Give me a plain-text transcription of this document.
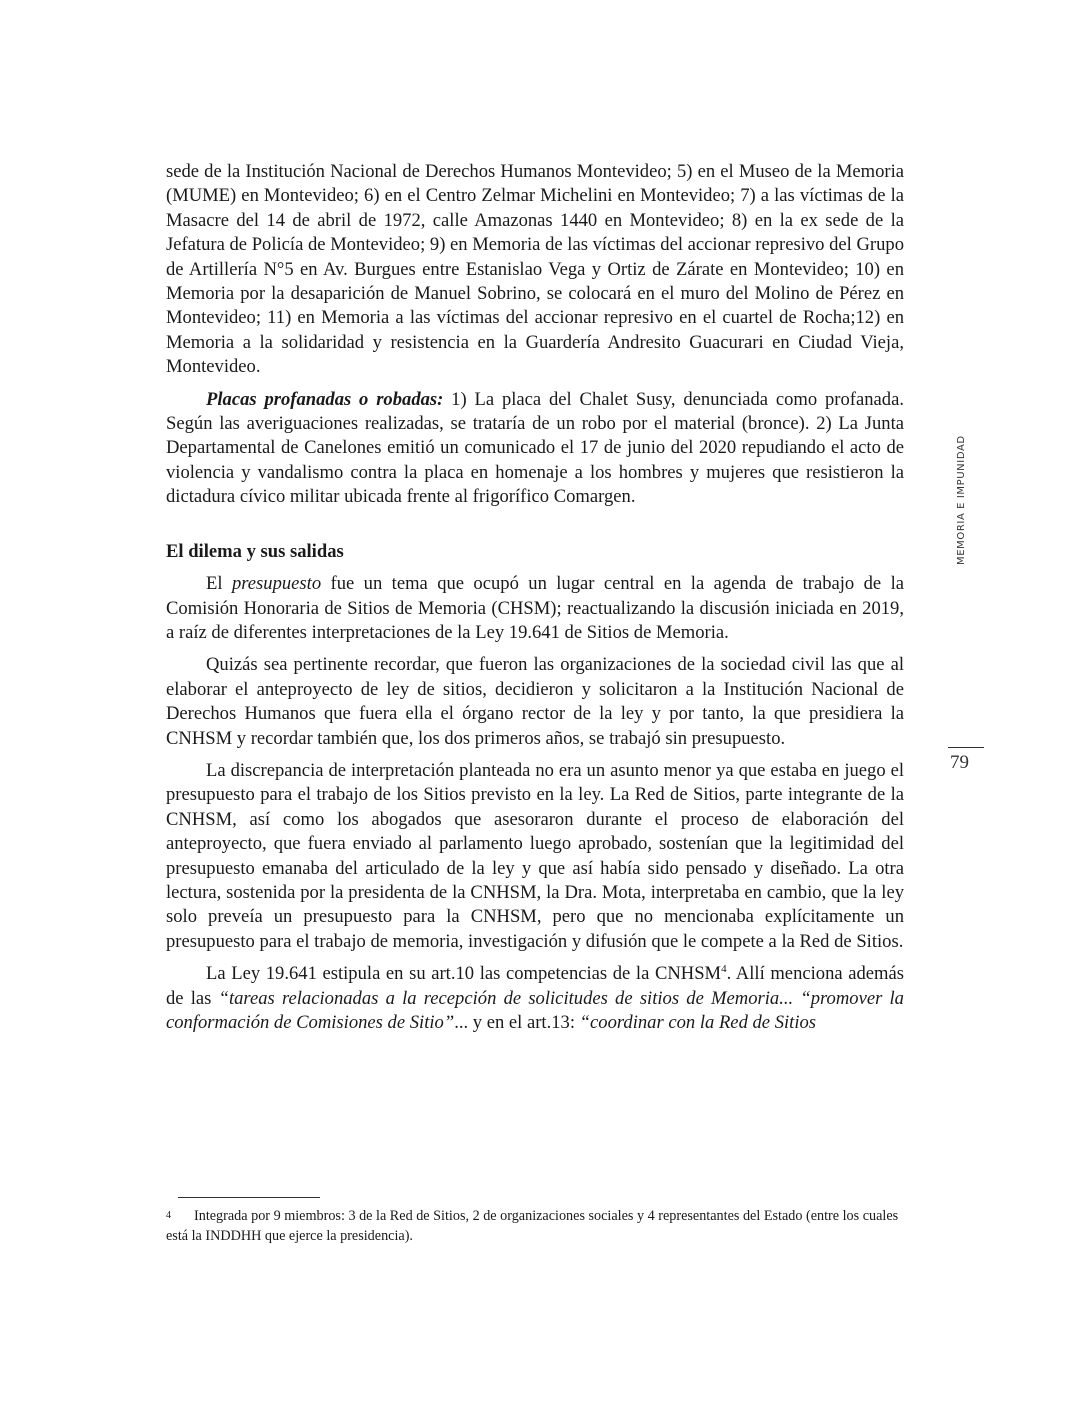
sede de la Institución Nacional de Derechos Humanos Montevideo; 5) en el Museo de la Memoria (MUME) en Montevideo; 6) en el Centro Zelmar Michelini en Montevideo; 7) a las víctimas de la Masacre del 14 de abril de 1972, calle Amazonas 1440 en Montevideo; 8) en la ex sede de la Jefatura de Policía de Montevideo; 9) en Memoria de las víctimas del accionar represivo del Grupo de Artillería N°5 en Av. Burgues entre Estanislao Vega y Ortiz de Zárate en Montevideo; 10) en Memoria por la desaparición de Manuel Sobrino, se colocará en el muro del Molino de Pérez en Montevideo; 11) en Memoria a las víctimas del accionar represivo en el cuartel de Rocha;12) en Memoria a la solidaridad y resistencia en la Guardería Andresito Guacurari en Ciudad Vieja, Montevideo.

Placas profanadas o robadas: 1) La placa del Chalet Susy, denunciada como profanada. Según las averiguaciones realizadas, se trataría de un robo por el material (bronce). 2) La Junta Departamental de Canelones emitió un comunicado el 17 de junio del 2020 repudiando el acto de violencia y vandalismo contra la placa en homenaje a los hombres y mujeres que resistieron la dictadura cívico militar ubicada frente al frigorífico Comargen.

El dilema y sus salidas

El presupuesto fue un tema que ocupó un lugar central en la agenda de trabajo de la Comisión Honoraria de Sitios de Memoria (CHSM); reactualizando la discusión iniciada en 2019, a raíz de diferentes interpretaciones de la Ley 19.641 de Sitios de Memoria.

Quizás sea pertinente recordar, que fueron las organizaciones de la sociedad civil las que al elaborar el anteproyecto de ley de sitios, decidieron y solicitaron a la Institución Nacional de Derechos Humanos que fuera ella el órgano rector de la ley y por tanto, la que presidiera la CNHSM y recordar también que, los dos primeros años, se trabajó sin presupuesto.

La discrepancia de interpretación planteada no era un asunto menor ya que estaba en juego el presupuesto para el trabajo de los Sitios previsto en la ley. La Red de Sitios, parte integrante de la CNHSM, así como los abogados que asesoraron durante el proceso de elaboración del anteproyecto, que fuera enviado al parlamento luego aprobado, sostenían que la legitimidad del presupuesto emanaba del articulado de la ley y que así había sido pensado y diseñado. La otra lectura, sostenida por la presidenta de la CNHSM, la Dra. Mota, interpretaba en cambio, que la ley solo preveía un presupuesto para la CNHSM, pero que no mencionaba explícitamente un presupuesto para el trabajo de memoria, investigación y difusión que le compete a la Red de Sitios.

La Ley 19.641 estipula en su art.10 las competencias de la CNHSM$^4$. Allí menciona además de las “tareas relacionadas a la recepción de solicitudes de sitios de Memoria... “promover la conformación de Comisiones de Sitio”... y en el art.13: “coordinar con la Red de Sitios

MEMORIA E IMPUNIDAD
79
4 Integrada por 9 miembros: 3 de la Red de Sitios, 2 de organizaciones sociales y 4 representantes del Estado (entre los cuales está la INDDHH que ejerce la presidencia).
